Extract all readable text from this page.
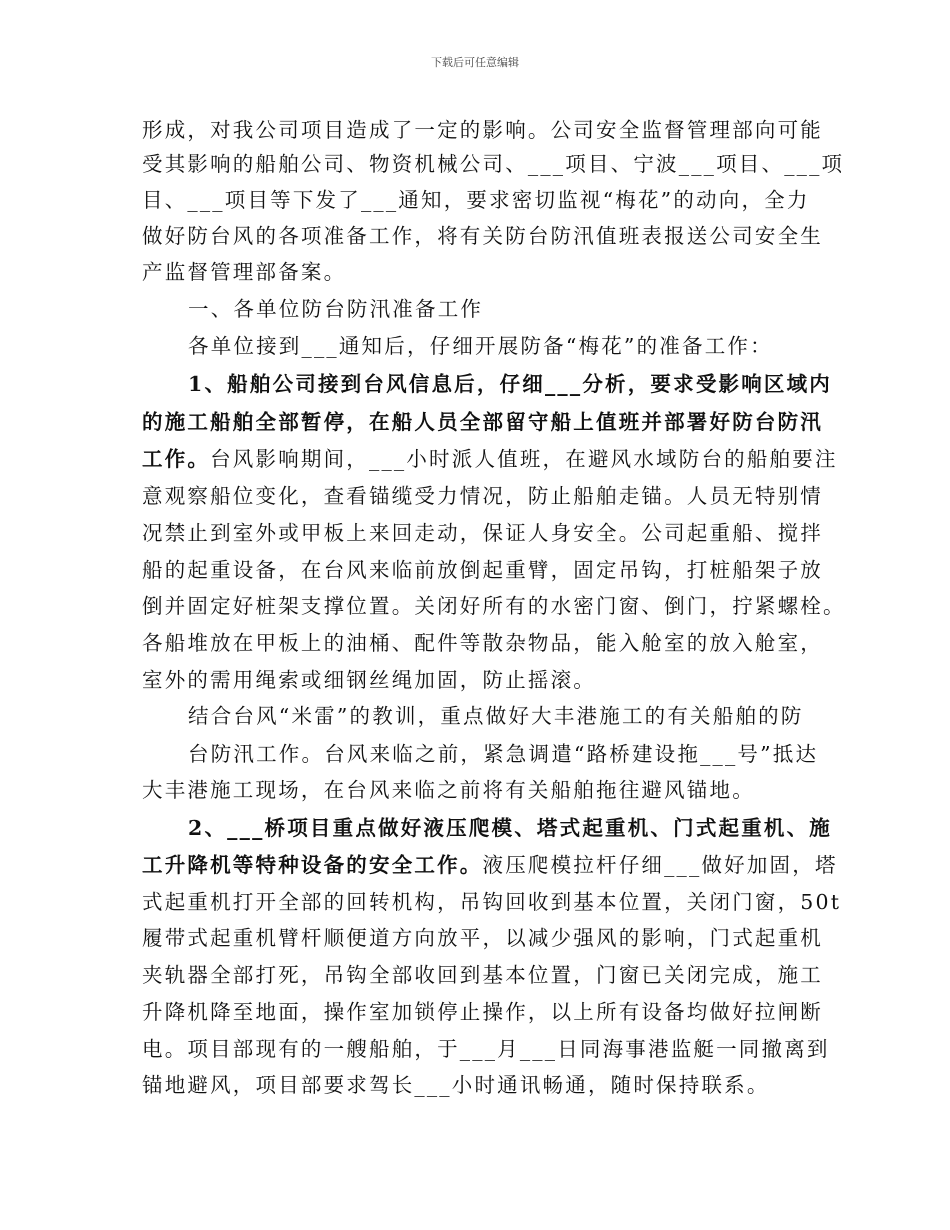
下载后可任意编辑
形成，对我公司项目造成了一定的影响。公司安全监督管理部向可能
受其影响的船舶公司、物资机械公司、___项目、宁波___项目、___项
目、___项目等下发了___通知，要求密切监视“梅花”的动向，全力
做好防台风的各项准备工作，将有关防台防汛值班表报送公司安全生
产监督管理部备案。
一、各单位防台防汛准备工作
各单位接到___通知后，仔细开展防备“梅花”的准备工作：
1、船舶公司接到台风信息后，仔细___分析，要求受影响区域内
的施工船舶全部暂停，在船人员全部留守船上值班并部署好防台防汛
工作。台风影响期间，___小时派人值班，在避风水域防台的船舶要注
意观察船位变化，查看锚缆受力情况，防止船舶走锚。人员无特别情
况禁止到室外或甲板上来回走动，保证人身安全。公司起重船、搅拌
船的起重设备，在台风来临前放倒起重臂，固定吊钩，打桩船架子放
倒并固定好桩架支撑位置。关闭好所有的水密门窗、倒门，拧紧螺栓。
各船堆放在甲板上的油桶、配件等散杂物品，能入舱室的放入舱室，
室外的需用绳索或细钢丝绳加固，防止摇滚。
结合台风“米雷”的教训，重点做好大丰港施工的有关船舶的防
台防汛工作。台风来临之前，紧急调遣“路桥建设拖___号”抵达
大丰港施工现场，在台风来临之前将有关船舶拖往避风锚地。
2、___桥项目重点做好液压爬模、塔式起重机、门式起重机、施
工升降机等特种设备的安全工作。液压爬模拉杆仔细___做好加固，塔
式起重机打开全部的回转机构，吊钩回收到基本位置，关闭门窗，50t
履带式起重机臂杆顺便道方向放平，以减少强风的影响，门式起重机
夹轨器全部打死，吊钩全部收回到基本位置，门窗已关闭完成，施工
升降机降至地面，操作室加锁停止操作，以上所有设备均做好拉闸断
电。项目部现有的一艘船舶，于___月___日同海事港监艇一同撤离到
锚地避风，项目部要求驾长___小时通讯畅通，随时保持联系。
